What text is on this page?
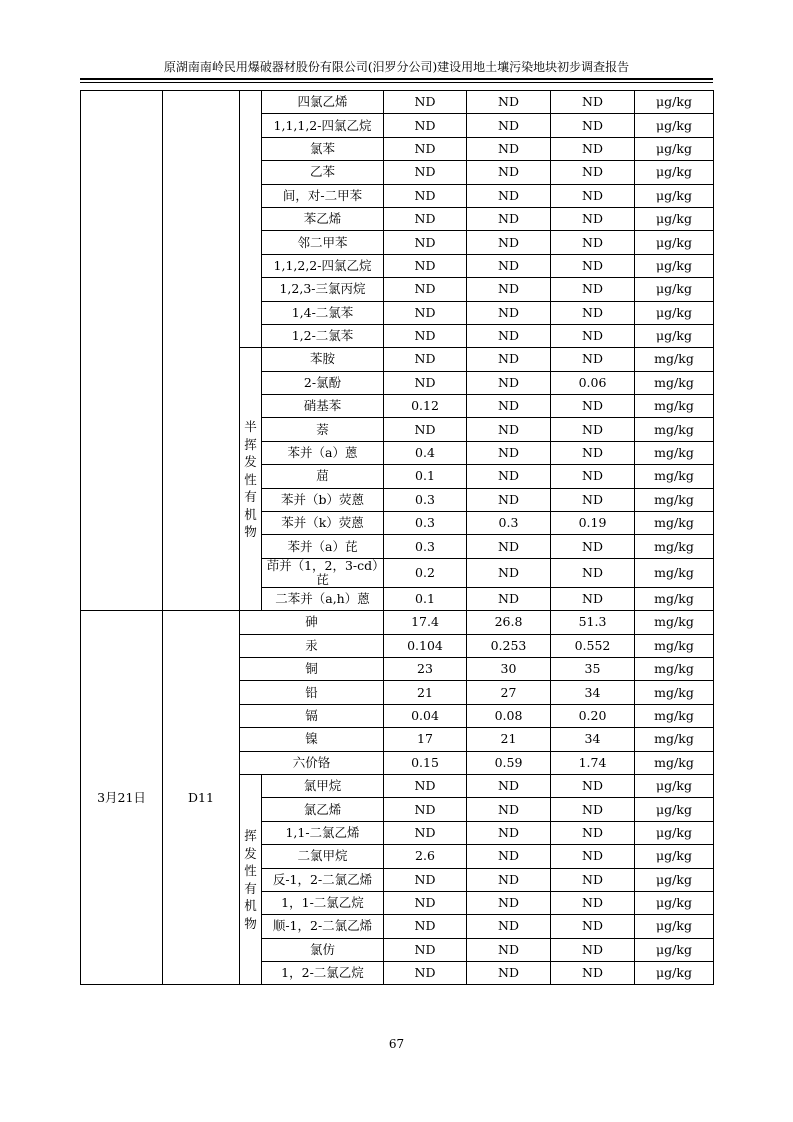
原湖南南岭民用爆破器材股份有限公司(汨罗分公司)建设用地土壤污染地块初步调查报告
			四氯乙烯	ND	ND	ND	μg/kg
			1,1,1,2-四氯乙烷	ND	ND	ND	μg/kg
			氯苯	ND	ND	ND	μg/kg
			乙苯	ND	ND	ND	μg/kg
			间，对-二甲苯	ND	ND	ND	μg/kg
			苯乙烯	ND	ND	ND	μg/kg
			邻二甲苯	ND	ND	ND	μg/kg
			1,1,2,2-四氯乙烷	ND	ND	ND	μg/kg
			1,2,3-三氯丙烷	ND	ND	ND	μg/kg
			1,4-二氯苯	ND	ND	ND	μg/kg
			1,2-二氯苯	ND	ND	ND	μg/kg
		半挥发性有机物	苯胺	ND	ND	ND	mg/kg
			2-氯酚	ND	ND	0.06	mg/kg
			硝基苯	0.12	ND	ND	mg/kg
			萘	ND	ND	ND	mg/kg
			苯并（a）蒽	0.4	ND	ND	mg/kg
			䓛	0.1	ND	ND	mg/kg
			苯并（b）荧蒽	0.3	ND	ND	mg/kg
			苯并（k）荧蒽	0.3	0.3	0.19	mg/kg
			苯并（a）芘	0.3	ND	ND	mg/kg
			茚并（1，2，3-cd）芘	0.2	ND	ND	mg/kg
			二苯并（a,h）蒽	0.1	ND	ND	mg/kg
3月21日	D11	砷		17.4	26.8	51.3	mg/kg
		汞		0.104	0.253	0.552	mg/kg
		铜		23	30	35	mg/kg
		铅		21	27	34	mg/kg
		镉		0.04	0.08	0.20	mg/kg
		镍		17	21	34	mg/kg
		六价铬		0.15	0.59	1.74	mg/kg
		挥发性有机物	氯甲烷	ND	ND	ND	μg/kg
			氯乙烯	ND	ND	ND	μg/kg
			1,1-二氯乙烯	ND	ND	ND	μg/kg
			二氯甲烷	2.6	ND	ND	μg/kg
			反-1，2-二氯乙烯	ND	ND	ND	μg/kg
			1，1-二氯乙烷	ND	ND	ND	μg/kg
			顺-1，2-二氯乙烯	ND	ND	ND	μg/kg
			氯仿	ND	ND	ND	μg/kg
			1，2-二氯乙烷	ND	ND	ND	μg/kg
67
